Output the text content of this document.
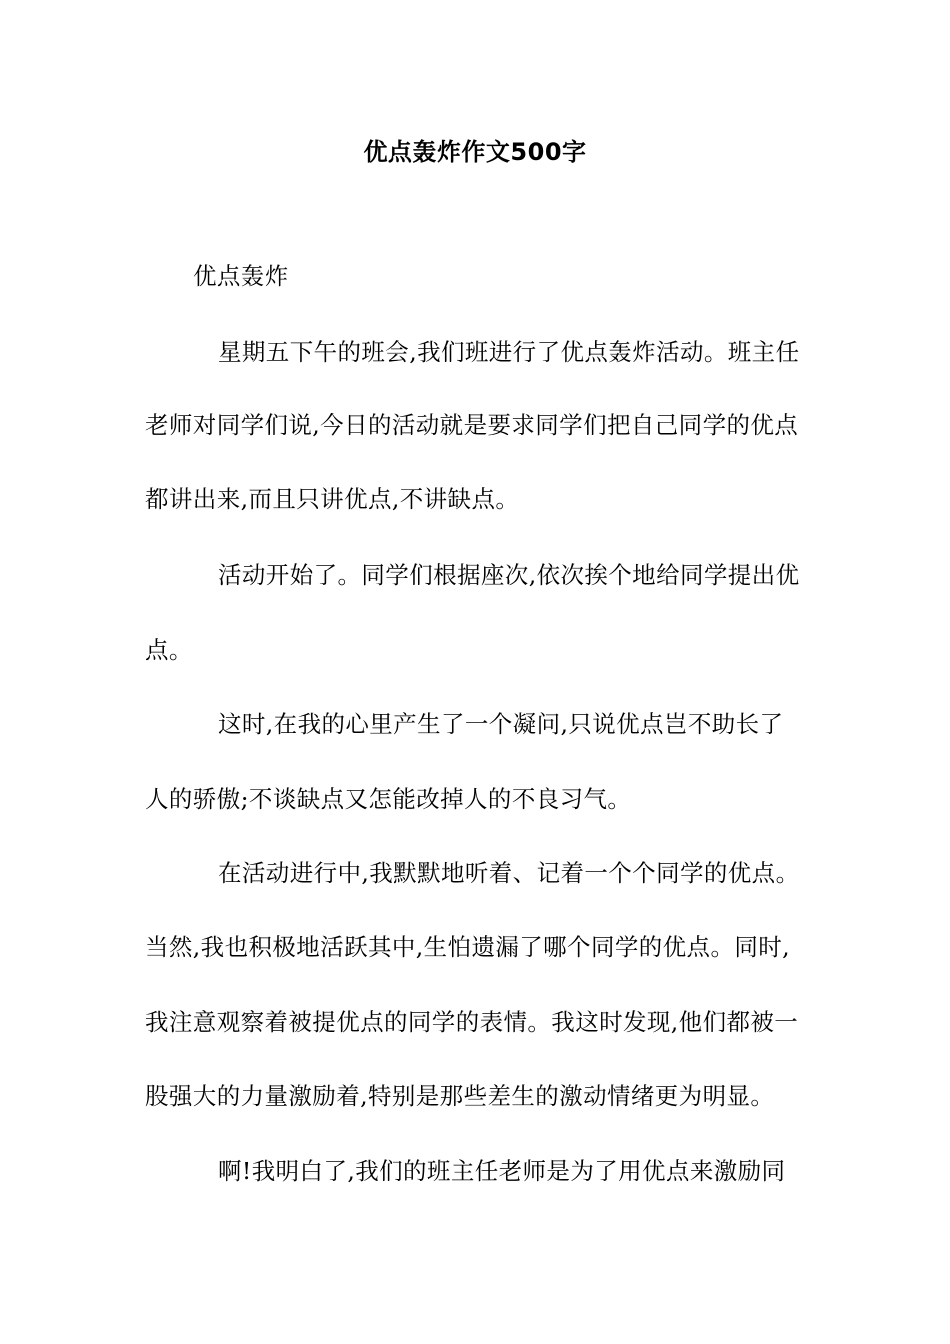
优点轰炸作文500字
优点轰炸
星期五下午的班会,我们班进行了优点轰炸活动。班主任
老师对同学们说,今日的活动就是要求同学们把自己同学的优点
都讲出来,而且只讲优点,不讲缺点。
活动开始了。同学们根据座次,依次挨个地给同学提出优
点。
这时,在我的心里产生了一个凝问,只说优点岂不助长了
人的骄傲;不谈缺点又怎能改掉人的不良习气。
在活动进行中,我默默地听着、记着一个个同学的优点。
当然,我也积极地活跃其中,生怕遗漏了哪个同学的优点。同时,
我注意观察着被提优点的同学的表情。我这时发现,他们都被一
股强大的力量激励着,特别是那些差生的激动情绪更为明显。
啊!我明白了,我们的班主任老师是为了用优点来激励同
